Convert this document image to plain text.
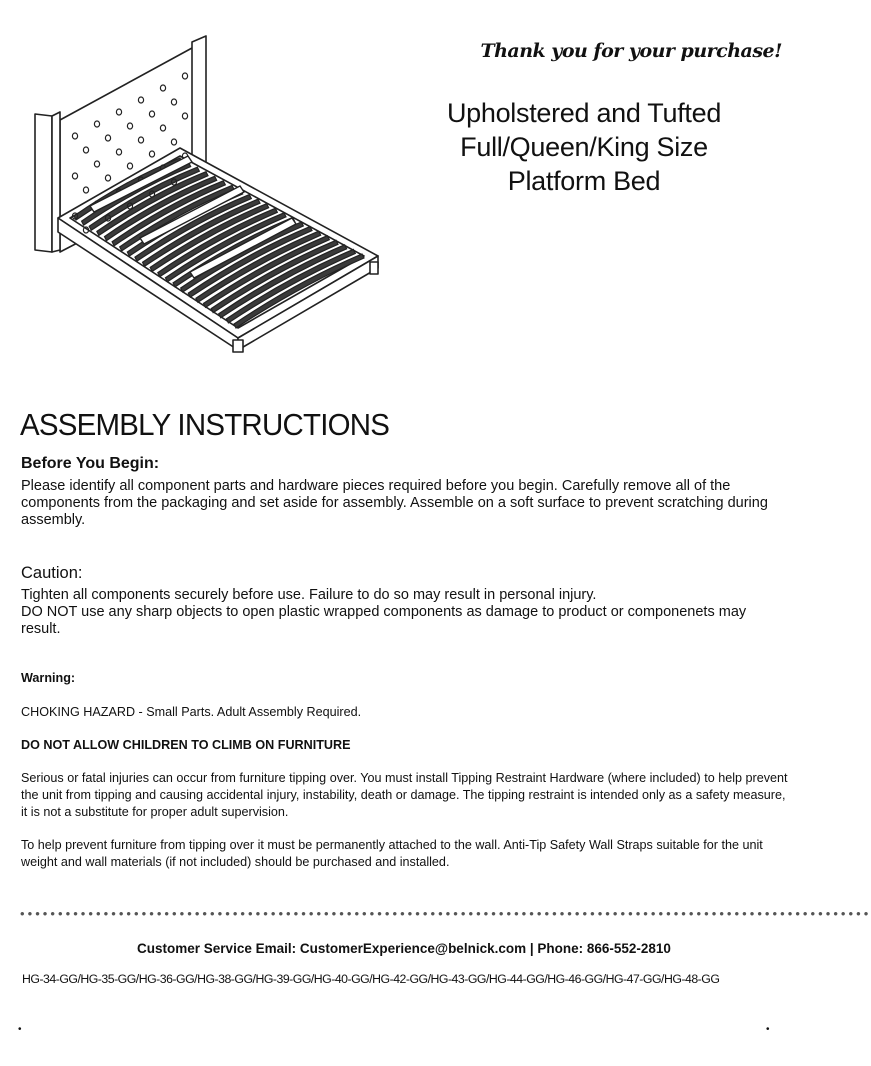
Thank you for your purchase!
Upholstered and Tufted
Full/Queen/King Size
Platform Bed
ASSEMBLY INSTRUCTIONS
Before You Begin:
Please identify all component parts and hardware pieces required before you begin. Carefully remove all of the components from the packaging and set aside for assembly. Assemble on a soft surface to prevent scratching during assembly.
Caution:
Tighten all components securely before use. Failure to do so may result in personal injury.
DO NOT use any sharp objects to open plastic wrapped components as damage to product or componenets may result.
Warning:
CHOKING HAZARD - Small Parts. Adult Assembly Required.
DO NOT ALLOW CHILDREN TO CLIMB ON FURNITURE
Serious or fatal injuries can occur from furniture tipping over. You must install Tipping Restraint Hardware (where included) to help prevent the unit from tipping and causing accidental injury, instability, death or damage. The tipping restraint is intended only as a safety measure, it is not a substitute for proper adult supervision.
To help prevent furniture from tipping over it must be permanently attached to the wall. Anti-Tip Safety Wall Straps suitable for the unit weight and wall materials (if not included) should be purchased and installed.
••••••••••••••••••••••••••••••••••••••••••••••••••••••••••••••••••••••••••••••••••••••••••••••••••••••••••••••••
Customer Service Email: CustomerExperience@belnick.com | Phone: 866-552-2810
HG-34-GG/HG-35-GG/HG-36-GG/HG-38-GG/HG-39-GG/HG-40-GG/HG-42-GG/HG-43-GG/HG-44-GG/HG-46-GG/HG-47-GG/HG-48-GG
•	•
